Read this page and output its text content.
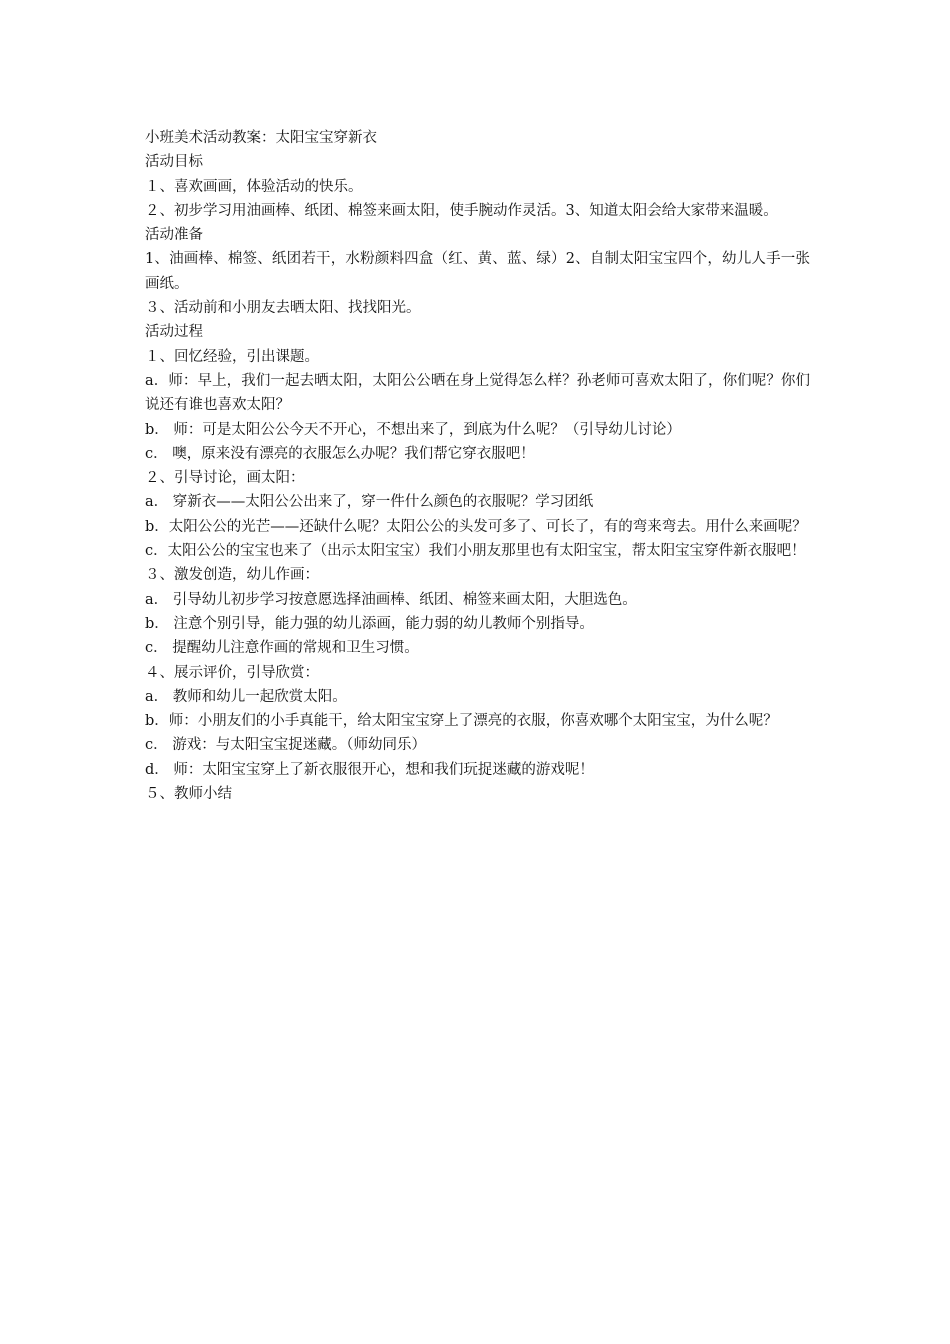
小班美术活动教案：太阳宝宝穿新衣

活动目标

１、喜欢画画，体验活动的快乐。

２、初步学习用油画棒、纸团、棉签来画太阳，使手腕动作灵活。3、知道太阳会给大家带来温暖。

活动准备

1、油画棒、棉签、纸团若干，水粉颜料四盒（红、黄、蓝、绿）2、自制太阳宝宝四个，幼儿人手一张画纸。

３、活动前和小朋友去晒太阳、找找阳光。

活动过程

１、回忆经验，引出课题。

a．师：早上，我们一起去晒太阳，太阳公公晒在身上觉得怎么样？孙老师可喜欢太阳了，你们呢？你们说还有谁也喜欢太阳？

b． 师：可是太阳公公今天不开心，不想出来了，到底为什么呢？（引导幼儿讨论）

c． 噢，原来没有漂亮的衣服怎么办呢？我们帮它穿衣服吧！

２、引导讨论，画太阳：

a． 穿新衣——太阳公公出来了，穿一件什么颜色的衣服呢？学习团纸

b．太阳公公的光芒——还缺什么呢？太阳公公的头发可多了、可长了，有的弯来弯去。用什么来画呢？

c．太阳公公的宝宝也来了（出示太阳宝宝）我们小朋友那里也有太阳宝宝，帮太阳宝宝穿件新衣服吧！

３、激发创造，幼儿作画：

a． 引导幼儿初步学习按意愿选择油画棒、纸团、棉签来画太阳，大胆选色。

b． 注意个别引导，能力强的幼儿添画，能力弱的幼儿教师个别指导。

c． 提醒幼儿注意作画的常规和卫生习惯。

４、展示评价，引导欣赏：

a． 教师和幼儿一起欣赏太阳。

b．师：小朋友们的小手真能干，给太阳宝宝穿上了漂亮的衣服，你喜欢哪个太阳宝宝，为什么呢？

c． 游戏：与太阳宝宝捉迷藏。（师幼同乐）

d． 师：太阳宝宝穿上了新衣服很开心，想和我们玩捉迷藏的游戏呢！

５、教师小结
